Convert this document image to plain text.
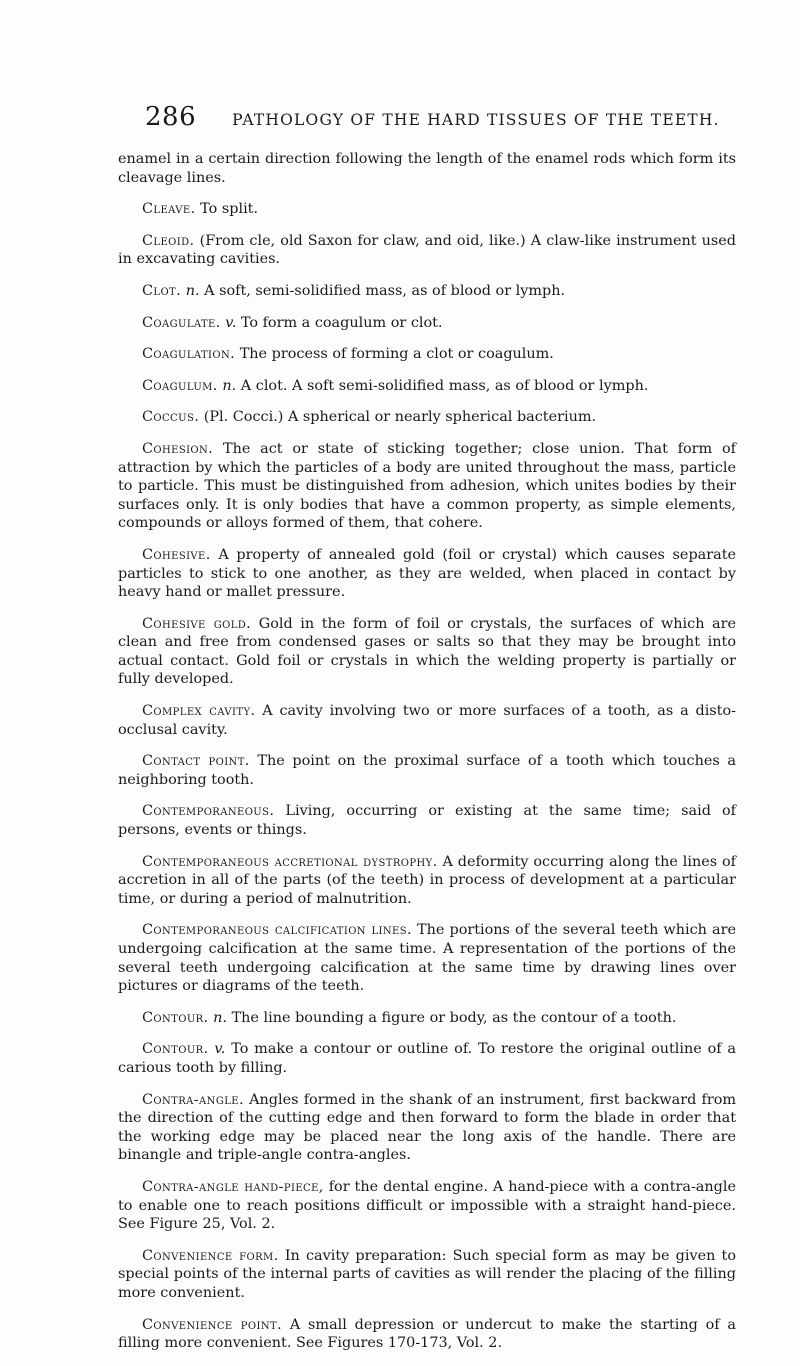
286 PATHOLOGY OF THE HARD TISSUES OF THE TEETH.

enamel in a certain direction following the length of the enamel rods which form its cleavage lines.

Cleave. To split.

Cleoid. (From cle, old Saxon for claw, and oid, like.) A claw-like instrument used in excavating cavities.

Clot. n. A soft, semi-solidified mass, as of blood or lymph.

Coagulate. v. To form a coagulum or clot.

Coagulation. The process of forming a clot or coagulum.

Coagulum. n. A clot. A soft semi-solidified mass, as of blood or lymph.

Coccus. (Pl. Cocci.) A spherical or nearly spherical bacterium.

Cohesion. The act or state of sticking together; close union. That form of attraction by which the particles of a body are united throughout the mass, particle to particle. This must be distinguished from adhesion, which unites bodies by their surfaces only. It is only bodies that have a common property, as simple elements, compounds or alloys formed of them, that cohere.

Cohesive. A property of annealed gold (foil or crystal) which causes separate particles to stick to one another, as they are welded, when placed in contact by heavy hand or mallet pressure.

Cohesive gold. Gold in the form of foil or crystals, the surfaces of which are clean and free from condensed gases or salts so that they may be brought into actual contact. Gold foil or crystals in which the welding property is partially or fully developed.

Complex cavity. A cavity involving two or more surfaces of a tooth, as a disto-occlusal cavity.

Contact point. The point on the proximal surface of a tooth which touches a neighboring tooth.

Contemporaneous. Living, occurring or existing at the same time; said of persons, events or things.

Contemporaneous accretional dystrophy. A deformity occurring along the lines of accretion in all of the parts (of the teeth) in process of development at a particular time, or during a period of malnutrition.

Contemporaneous calcification lines. The portions of the several teeth which are undergoing calcification at the same time. A representation of the portions of the several teeth undergoing calcification at the same time by drawing lines over pictures or diagrams of the teeth.

Contour. n. The line bounding a figure or body, as the contour of a tooth.

Contour. v. To make a contour or outline of. To restore the original outline of a carious tooth by filling.

Contra-angle. Angles formed in the shank of an instrument, first backward from the direction of the cutting edge and then forward to form the blade in order that the working edge may be placed near the long axis of the handle. There are binangle and triple-angle contra-angles.

Contra-angle hand-piece, for the dental engine. A hand-piece with a contra-angle to enable one to reach positions difficult or impossible with a straight hand-piece. See Figure 25, Vol. 2.

Convenience form. In cavity preparation: Such special form as may be given to special points of the internal parts of cavities as will render the placing of the filling more convenient.

Convenience point. A small depression or undercut to make the starting of a filling more convenient. See Figures 170-173, Vol. 2.
